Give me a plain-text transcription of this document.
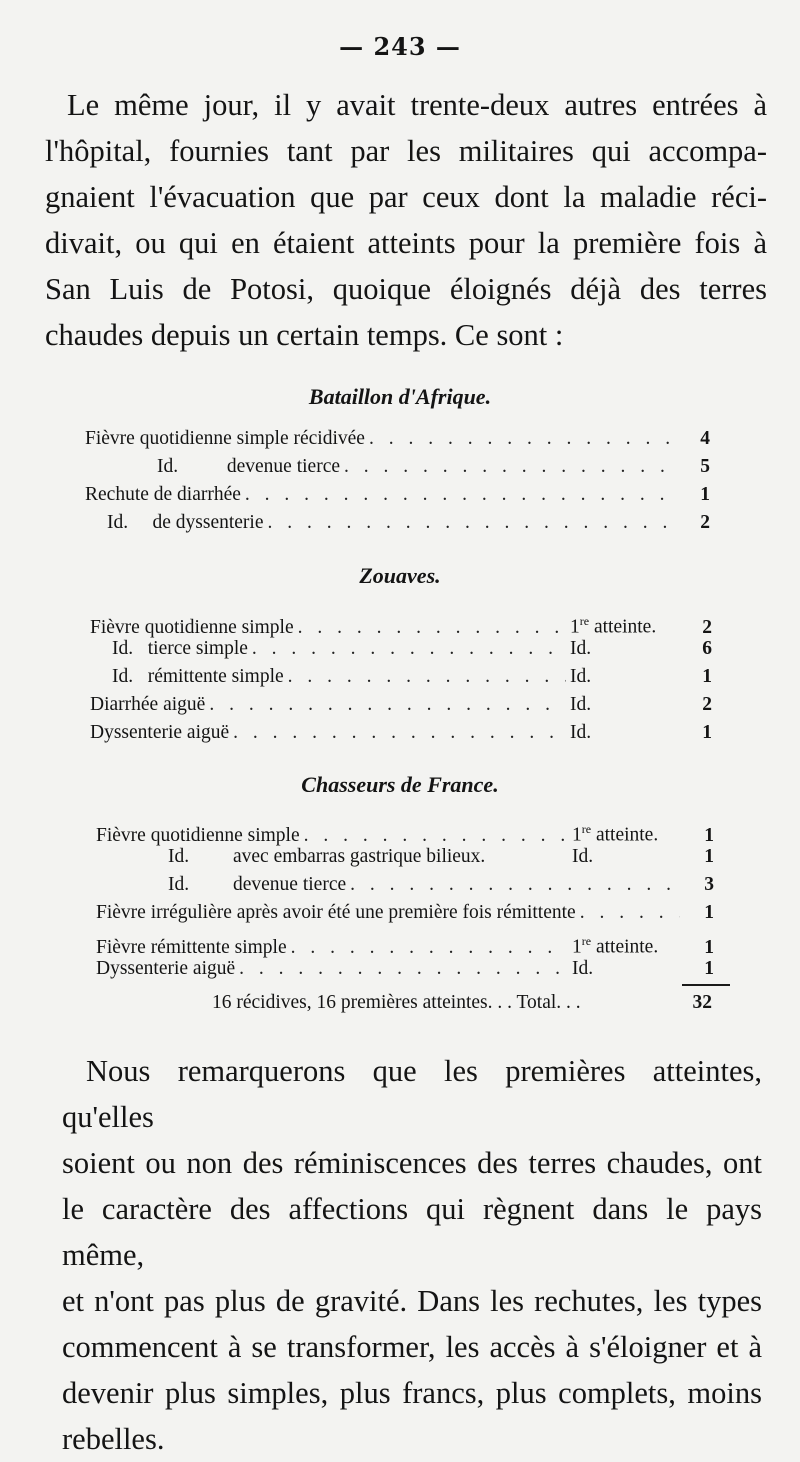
— 243 —
Le même jour, il y avait trente-deux autres entrées à
l'hôpital, fournies tant par les militaires qui accompa-
gnaient l'évacuation que par ceux dont la maladie réci-
divait, ou qui en étaient atteints pour la première fois à
San Luis de Potosi, quoique éloignés déjà des terres
chaudes depuis un certain temps. Ce sont :
Bataillon d'Afrique.
Fièvre quotidienne simple récidivée . . .	4
Id.          devenue tierce . . .	5
Rechute de diarrhée . . .	1
Id.     de dyssenterie . . .	2
Zouaves.
Fièvre quotidienne simple . . .	1re atteinte.	2
Id.   tierce simple . . .	Id.	6
Id.   rémittente simple . . .	Id.	1
Diarrhée aiguë . . .	Id.	2
Dyssenterie aiguë . . .	Id.	1
Chasseurs de France.
Fièvre quotidienne simple . . .	1re atteinte.	1
Id.         avec embarras gastrique bilieux.	Id.	1
Id.         devenue tierce . . .	3
Fièvre irrégulière après avoir été une première fois rémittente . . .	1
Fièvre rémittente simple . . .	1re atteinte.	1
Dyssenterie aiguë . . .	Id.	1
16 récidives, 16 premières atteintes. . . Total. . .	32
Nous remarquerons que les premières atteintes, qu'elles
soient ou non des réminiscences des terres chaudes, ont
le caractère des affections qui règnent dans le pays même,
et n'ont pas plus de gravité. Dans les rechutes, les types
commencent à se transformer, les accès à s'éloigner et à
devenir plus simples, plus francs, plus complets, moins
rebelles.
